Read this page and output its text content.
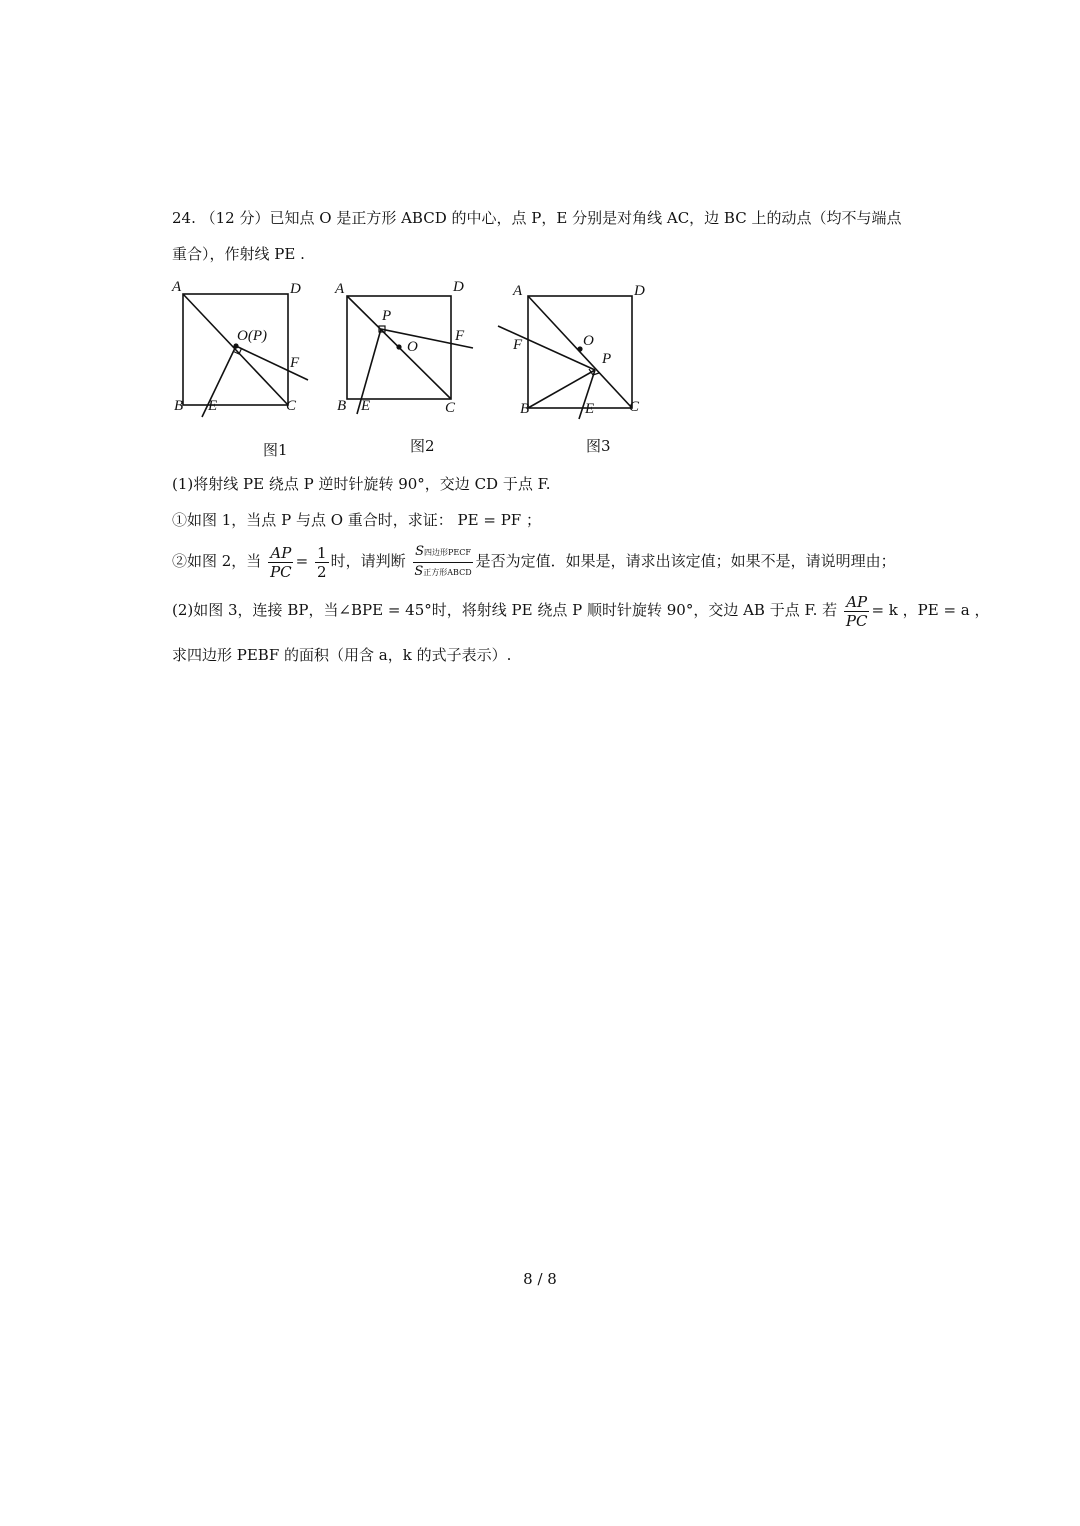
24. （12 分）已知点 O 是正方形 ABCD 的中心，点 P，E 分别是对角线 AC，边 BC 上的动点（均不与端点
重合），作射线 PE .
A	D
B	C
E
F
O(P)
图1
A	D
B	C
E
F
P
O
图2
A	D
B	C
E
F
P
O
图3
(1)将射线 PE 绕点 P 逆时针旋转 90°，交边 CD 于点 F.
①如图 1，当点 P 与点 O 重合时，求证： PE = PF ；
②如图 2，当 $\frac{AP}{PC} = \frac{1}{2}$ 时，请判断 $\frac{\text{S四边形PECF}}{\text{S正方形ABCD}}$ 是否为定值．如果是，请求出该定值；如果不是，请说明理由；
(2)如图 3，连接 BP，当∠BPE = 45°时，将射线 PE 绕点 P 顺时针旋转 90°，交边 AB 于点 F. 若 $\frac{AP}{PC} = k$ ，PE = a ，
求四边形 PEBF 的面积（用含 a，k 的式子表示）.
8 / 8
